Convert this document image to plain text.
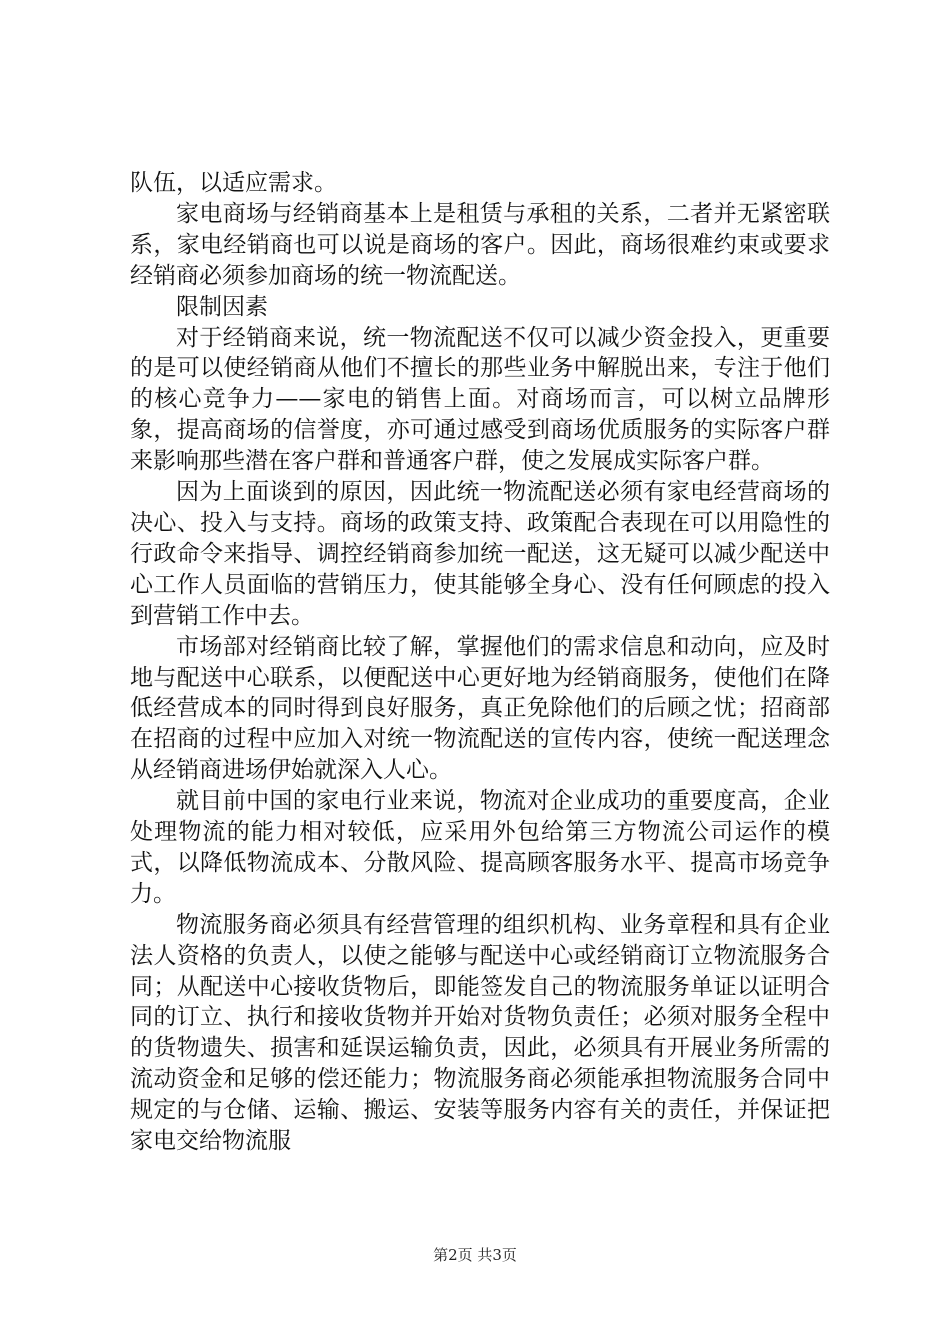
队伍，以适应需求。

家电商场与经销商基本上是租赁与承租的关系，二者并无紧密联系，家电经销商也可以说是商场的客户。因此，商场很难约束或要求经销商必须参加商场的统一物流配送。

限制因素

对于经销商来说，统一物流配送不仅可以减少资金投入，更重要的是可以使经销商从他们不擅长的那些业务中解脱出来，专注于他们的核心竞争力——家电的销售上面。对商场而言，可以树立品牌形象，提高商场的信誉度，亦可通过感受到商场优质服务的实际客户群来影响那些潜在客户群和普通客户群，使之发展成实际客户群。

因为上面谈到的原因，因此统一物流配送必须有家电经营商场的决心、投入与支持。商场的政策支持、政策配合表现在可以用隐性的行政命令来指导、调控经销商参加统一配送，这无疑可以减少配送中心工作人员面临的营销压力，使其能够全身心、没有任何顾虑的投入到营销工作中去。

市场部对经销商比较了解，掌握他们的需求信息和动向，应及时地与配送中心联系，以便配送中心更好地为经销商服务，使他们在降低经营成本的同时得到良好服务，真正免除他们的后顾之忧；招商部在招商的过程中应加入对统一物流配送的宣传内容，使统一配送理念从经销商进场伊始就深入人心。

就目前中国的家电行业来说，物流对企业成功的重要度高，企业处理物流的能力相对较低，应采用外包给第三方物流公司运作的模式，以降低物流成本、分散风险、提高顾客服务水平、提高市场竞争力。

物流服务商必须具有经营管理的组织机构、业务章程和具有企业法人资格的负责人，以使之能够与配送中心或经销商订立物流服务合同；从配送中心接收货物后，即能签发自己的物流服务单证以证明合同的订立、执行和接收货物并开始对货物负责任；必须对服务全程中的货物遗失、损害和延误运输负责，因此，必须具有开展业务所需的流动资金和足够的偿还能力；物流服务商必须能承担物流服务合同中规定的与仓储、运输、搬运、安装等服务内容有关的责任，并保证把家电交给物流服

第2页 共3页
